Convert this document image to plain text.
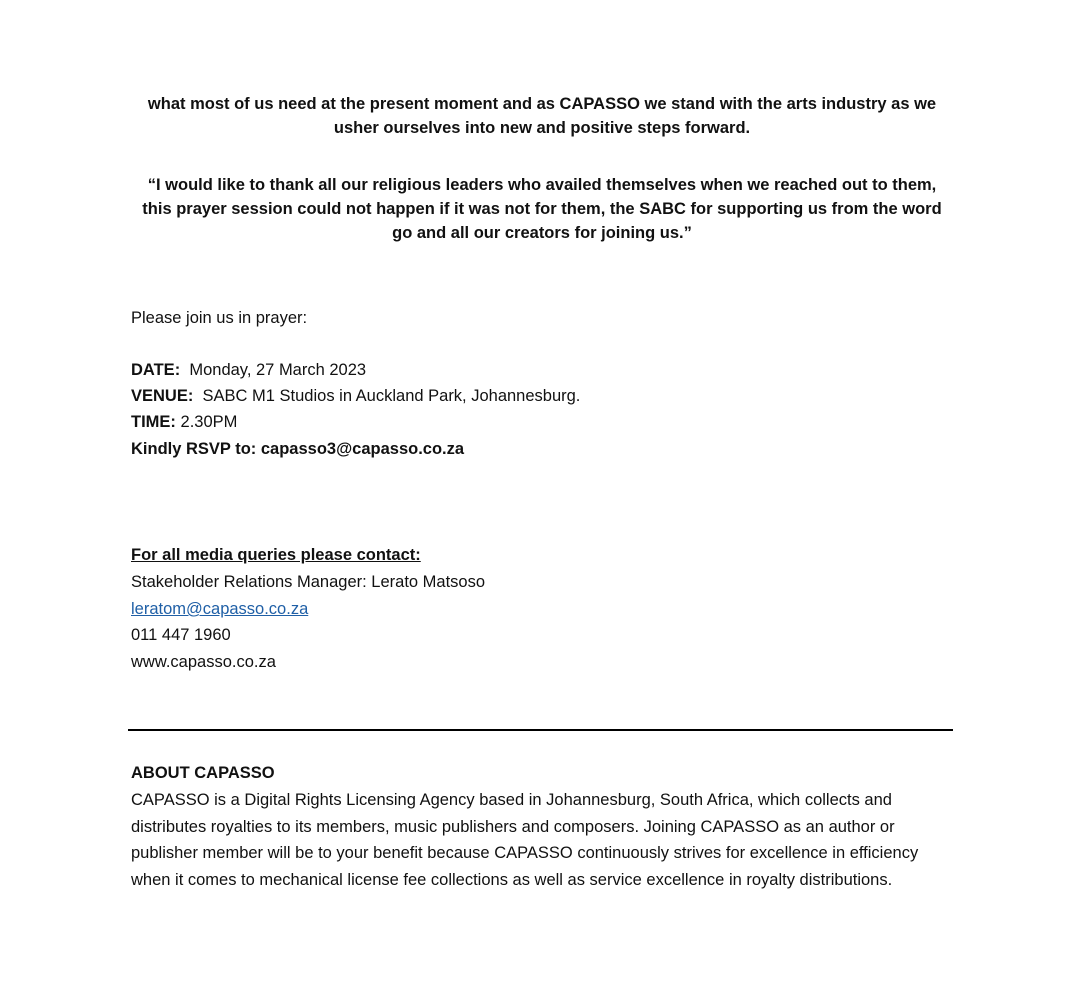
what most of us need at the present moment and as CAPASSO we stand with the arts industry as we usher ourselves into new and positive steps forward.

“I would like to thank all our religious leaders who availed themselves when we reached out to them, this prayer session could not happen if it was not for them, the SABC for supporting us from the word go and all our creators for joining us.”

Please join us in prayer:

DATE: Monday, 27 March 2023

VENUE: SABC M1 Studios in Auckland Park, Johannesburg.

TIME: 2.30PM

Kindly RSVP to: capasso3@capasso.co.za

For all media queries please contact:

Stakeholder Relations Manager: Lerato Matsoso

leratom@capasso.co.za

011 447 1960

www.capasso.co.za

ABOUT CAPASSO

CAPASSO is a Digital Rights Licensing Agency based in Johannesburg, South Africa, which collects and distributes royalties to its members, music publishers and composers. Joining CAPASSO as an author or publisher member will be to your benefit because CAPASSO continuously strives for excellence in efficiency when it comes to mechanical license fee collections as well as service excellence in royalty distributions.
